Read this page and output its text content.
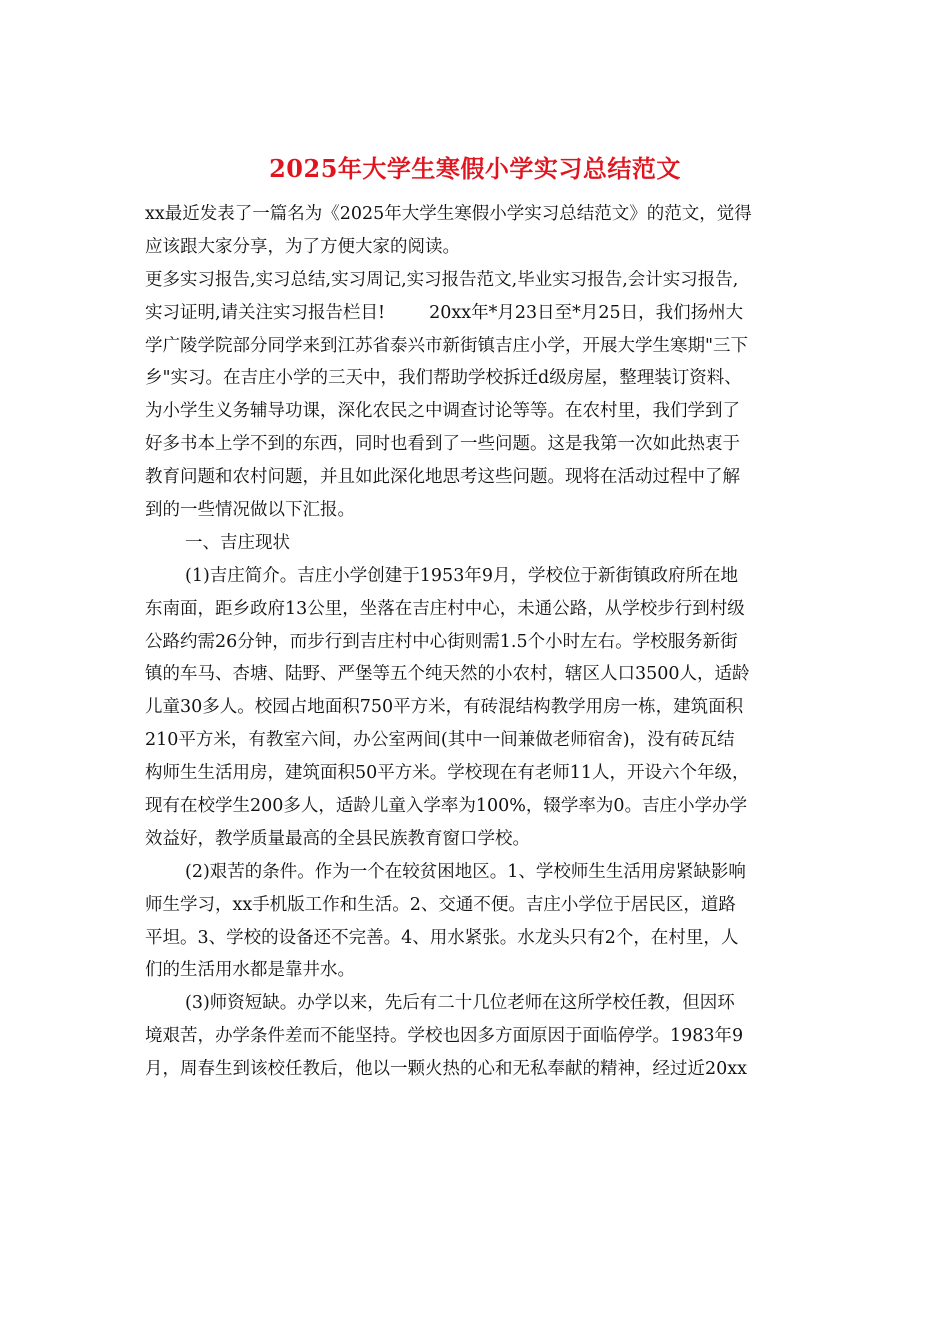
2025年大学生寒假小学实习总结范文
xx最近发表了一篇名为《2025年大学生寒假小学实习总结范文》的范文，觉得
应该跟大家分享，为了方便大家的阅读。
更多实习报告,实习总结,实习周记,实习报告范文,毕业实习报告,会计实习报告,
实习证明,请关注实习报告栏目!	20xx年*月23日至*月25日，我们扬州大
学广陵学院部分同学来到江苏省泰兴市新街镇吉庄小学，开展大学生寒期"三下
乡"实习。在吉庄小学的三天中，我们帮助学校拆迁d级房屋，整理装订资料、
为小学生义务辅导功课，深化农民之中调查讨论等等。在农村里，我们学到了
好多书本上学不到的东西，同时也看到了一些问题。这是我第一次如此热衷于
教育问题和农村问题，并且如此深化地思考这些问题。现将在活动过程中了解
到的一些情况做以下汇报。
一、吉庄现状
(1)吉庄简介。吉庄小学创建于1953年9月，学校位于新街镇政府所在地
东南面，距乡政府13公里，坐落在吉庄村中心，未通公路，从学校步行到村级
公路约需26分钟，而步行到吉庄村中心街则需1.5个小时左右。学校服务新街
镇的车马、杏塘、陆野、严堡等五个纯天然的小农村，辖区人口3500人，适龄
儿童30多人。校园占地面积750平方米，有砖混结构教学用房一栋，建筑面积
210平方米，有教室六间，办公室两间(其中一间兼做老师宿舍)，没有砖瓦结
构师生生活用房，建筑面积50平方米。学校现在有老师11人，开设六个年级，
现有在校学生200多人，适龄儿童入学率为100%，辍学率为0。吉庄小学办学
效益好，教学质量最高的全县民族教育窗口学校。
(2)艰苦的条件。作为一个在较贫困地区。1、学校师生生活用房紧缺影响
师生学习，xx手机版工作和生活。2、交通不便。吉庄小学位于居民区，道路
平坦。3、学校的设备还不完善。4、用水紧张。水龙头只有2个，在村里，人
们的生活用水都是靠井水。
(3)师资短缺。办学以来，先后有二十几位老师在这所学校任教，但因环
境艰苦，办学条件差而不能坚持。学校也因多方面原因于面临停学。1983年9
月，周春生到该校任教后，他以一颗火热的心和无私奉献的精神，经过近20xx
